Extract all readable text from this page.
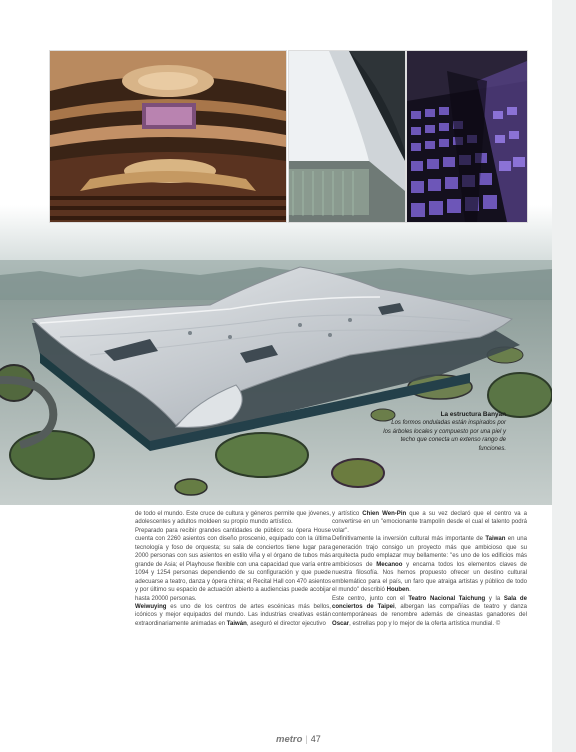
La estructura Banyan
Los formos onduladas están inspirados por los árboles locales y compuesto por una piel y techo que conecta un extenso rango de funciones.

de todo el mundo. Este cruce de cultura y géneros permite que jóvenes, adolescentes y adultos moldeen su propio mundo artístico.

Preparado para recibir grandes cantidades de público: su ópera House cuenta con 2260 asientos con diseño proscenio, equipado con la última tecnología y foso de orquesta; su sala de conciertos tiene lugar para 2000 personas con sus asientos en estilo viña y el órgano de tubos más grande de Asia; el Playhouse flexible con una capacidad que varía entre 1094 y 1254 personas dependiendo de su configuración y que puede adecuarse a teatro, danza y ópera china; el Recital Hall con 470 asientos y por último su espacio de actuación abierto a audiencias puede acobijar hasta 20000 personas.

Weiwuying es uno de los centros de artes escénicas más bellos, icónicos y mejor equipados del mundo. Las industrias creativas están extraordinariamente animadas en Taiwán, aseguró el director ejecutivo

y artístico Chien Wen-Pin que a su vez declaró que el centro va a convertirse en un "emocionante trampolín desde el cual el talento podrá volar".

Definitivamente la inversión cultural más importante de Taiwan en una generación trajo consigo un proyecto más que ambicioso que su arquitecta pudo emplazar muy bellamente: "es uno de los edificios más ambiciosos de Mecanoo y encarna todos los elementos claves de nuestra filosofía. Nos hemos propuesto ofrecer un destino cultural emblemático para el país, un faro que atraiga artistas y público de todo el mundo" describió Houben.

Este centro, junto con el Teatro Nacional Taichung y la Sala de conciertos de Taipei, albergan las compañías de teatro y danza contemporáneas de renombre además de cineastas ganadores del Oscar, estrellas pop y lo mejor de la oferta artística mundial. ©

metro | 47
